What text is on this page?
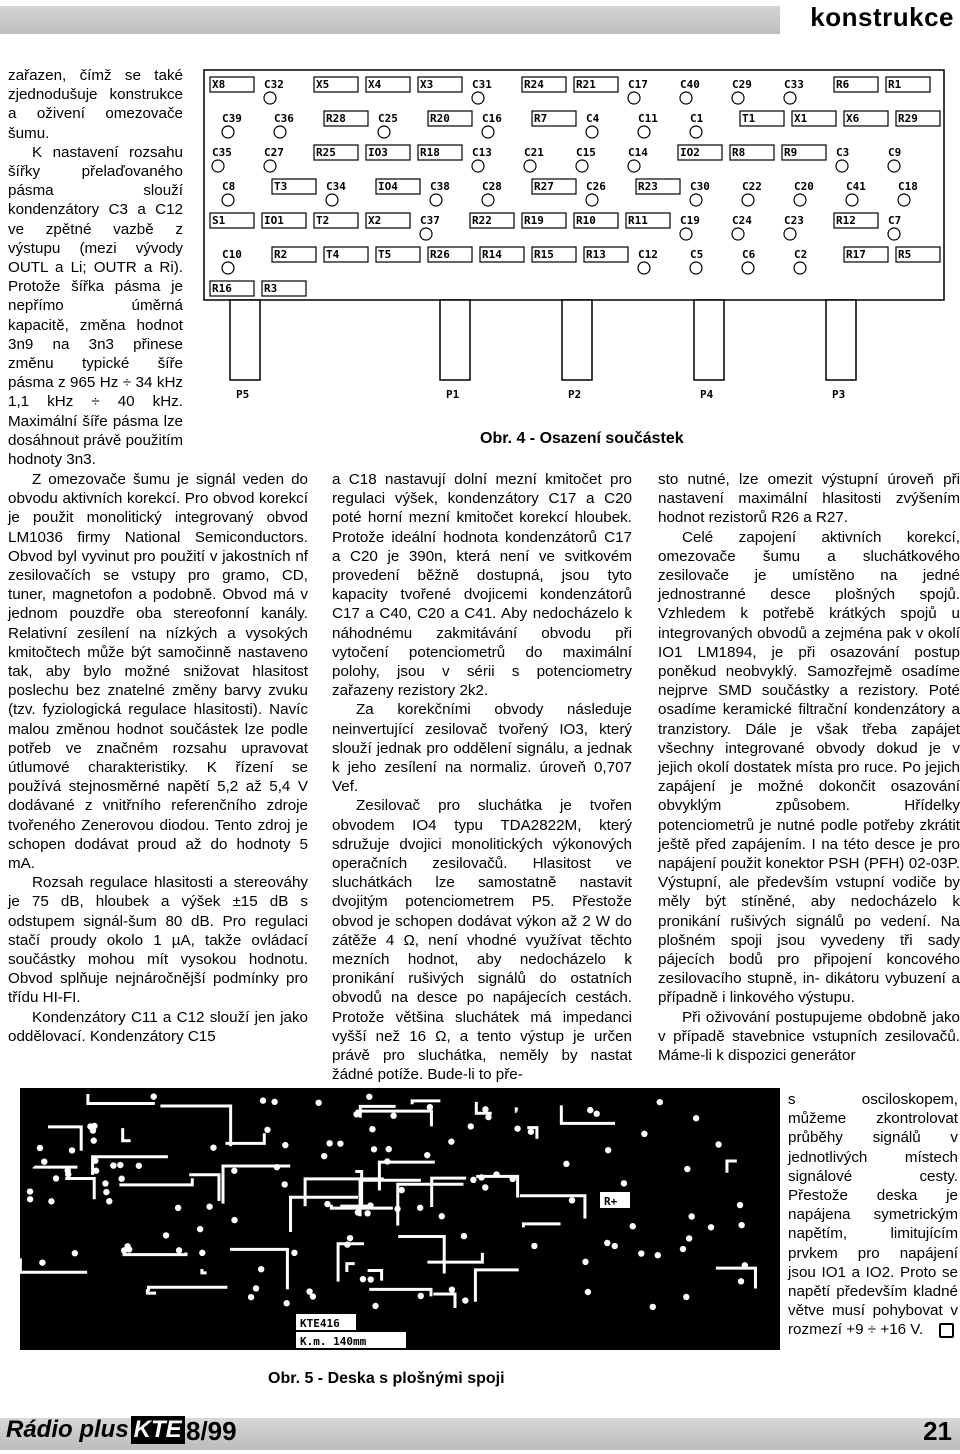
konstrukce
X8	C32	X5	X4	X3	C31	R24	R21	C17	C40	C29	C33	R6	R1
C39	C36	R28	C25	R20	C16	R7	C4	C11	C1	T1	X1	X6	R29
C35	C27	R25	IO3	R18	C13	C21	C15	C14	IO2	R8	R9	C3	C9
C8	T3	C34	IO4	C38	C28	R27	C26	R23	C30	C22	C20	C41	C18
S1	IO1	T2	X2	C37	R22	R19	R10	R11	C19	C24	C23	R12	C7
C10	R2	T4	T5	R26	R14	R15	R13	C12	C5	C6	C2	R17	R5
R16	R3
P5	P1	P2	P4	P3
Obr. 4 - Osazení součástek
R+
KTE416
K.m. 140mm
Obr. 5 - Deska s plošnými spoji

zařazen, čímž se také zjednodušuje konstrukce a oživení omezovače šumu.

K nastavení rozsahu šířky přelaďovaného pásma slouží kondenzátory C3 a C12 ve zpětné vazbě z výstupu (mezi vývody OUTL a Li; OUTR a Ri). Protože šířka pásma je nepřímo úměrná kapacitě, změna hodnot 3n9 na 3n3 přinese změnu typické šíře pásma z 965 Hz ÷ 34 kHz 1,1 kHz ÷ 40 kHz. Maximální šíře pásma lze dosáhnout právě použitím hodnoty 3n3.

Z omezovače šumu je signál veden do obvodu aktivních korekcí. Pro obvod korekcí je použit monolitický integrovaný obvod LM1036 firmy National Semiconductors. Obvod byl vyvinut pro použití v jakostních nf zesilovačích se vstupy pro gramo, CD, tuner, magnetofon a podobně. Obvod má v jednom pouzdře oba stereofonní kanály. Relativní zesílení na nízkých a vysokých kmitočtech může být samočinně nastaveno tak, aby bylo možné snižovat hlasitost poslechu bez znatelné změny barvy zvuku (tzv. fyziologická regulace hlasitosti). Navíc malou změnou hodnot součástek lze podle potřeb ve značném rozsahu upravovat útlumové charakteristiky. K řízení se používá stejnosměrné napětí 5,2 až 5,4 V dodávané z vnitřního referenčního zdroje tvořeného Zenerovou diodou. Tento zdroj je schopen dodávat proud až do hodnoty 5 mA.

Rozsah regulace hlasitosti a stereováhy je 75 dB, hloubek a výšek ±15 dB s odstupem signál-šum 80 dB. Pro regulaci stačí proudy okolo 1 µA, takže ovládací součástky mohou mít vysokou hodnotu. Obvod splňuje nejnáročnější podmínky pro třídu HI-FI.

Kondenzátory C11 a C12 slouží jen jako oddělovací. Kondenzátory C15

a C18 nastavují dolní mezní kmitočet pro regulaci výšek, kondenzátory C17 a C20 poté horní mezní kmitočet korekcí hloubek. Protože ideální hodnota kondenzátorů C17 a C20 je 390n, která není ve svitkovém provedení běžně dostupná, jsou tyto kapacity tvořené dvojicemi kondenzátorů C17 a C40, C20 a C41. Aby nedocházelo k náhodnému zakmitávání obvodu při vytočení potenciometrů do maximální polohy, jsou v sérii s potenciometry zařazeny rezistory 2k2.

Za korekčními obvody následuje neinvertující zesilovač tvořený IO3, který slouží jednak pro oddělení signálu, a jednak k jeho zesílení na normaliz. úroveň 0,707 Vef.

Zesilovač pro sluchátka je tvořen obvodem IO4 typu TDA2822M, který sdružuje dvojici monolitických výkonových operačních zesilovačů. Hlasitost ve sluchátkách lze samostatně nastavit dvojitým potenciometrem P5. Přestože obvod je schopen dodávat výkon až 2 W do zátěže 4 Ω, není vhodné využívat těchto mezních hodnot, aby nedocházelo k pronikání rušivých signálů do ostatních obvodů na desce po napájecích cestách. Protože většina sluchátek má impedanci vyšší než 16 Ω, a tento výstup je určen právě pro sluchátka, neměly by nastat žádné potíže. Bude-li to pře-

sto nutné, lze omezit výstupní úroveň při nastavení maximální hlasitosti zvýšením hodnot rezistorů R26 a R27.

Celé zapojení aktivních korekcí, omezovače šumu a sluchátkového zesilovače je umístěno na jedné jednostranné desce plošných spojů. Vzhledem k potřebě krátkých spojů u integrovaných obvodů a zejména pak v okolí IO1 LM1894, je při osazování postup poněkud neobvyklý. Samozřejmě osadíme nejprve SMD součástky a rezistory. Poté osadíme keramické filtrační kondenzátory a tranzistory. Dále je však třeba zapájet všechny integrované obvody dokud je v jejich okolí dostatek místa pro ruce. Po jejich zapájení je možné dokončit osazování obvyklým způsobem. Hřídelky potenciometrů je nutné podle potřeby zkrátit ještě před zapájením. I na této desce je pro napájení použit konektor PSH (PFH) 02-03P. Výstupní, ale především vstupní vodiče by měly být stíněné, aby nedocházelo k pronikání rušivých signálů po vedení. Na plošném spoji jsou vyvedeny tři sady pájecích bodů pro připojení koncového zesilovacího stupně, in- dikátoru vybuzení a případně i linkového výstupu.

Při oživování postupujeme obdobně jako v případě stavebnice vstupních zesilovačů. Máme-li k dispozici generátor

s osciloskopem, můžeme zkontrolovat průběhy signálů v jednotlivých místech signálové cesty. Přestože deska je napájena symetrickým napětím, limitujícím prvkem pro napájení jsou IO1 a IO2. Proto se napětí především kladné větve musí pohybovat v rozmezí +9 ÷ +16 V.

Rádio plus KTE 8/99	21
